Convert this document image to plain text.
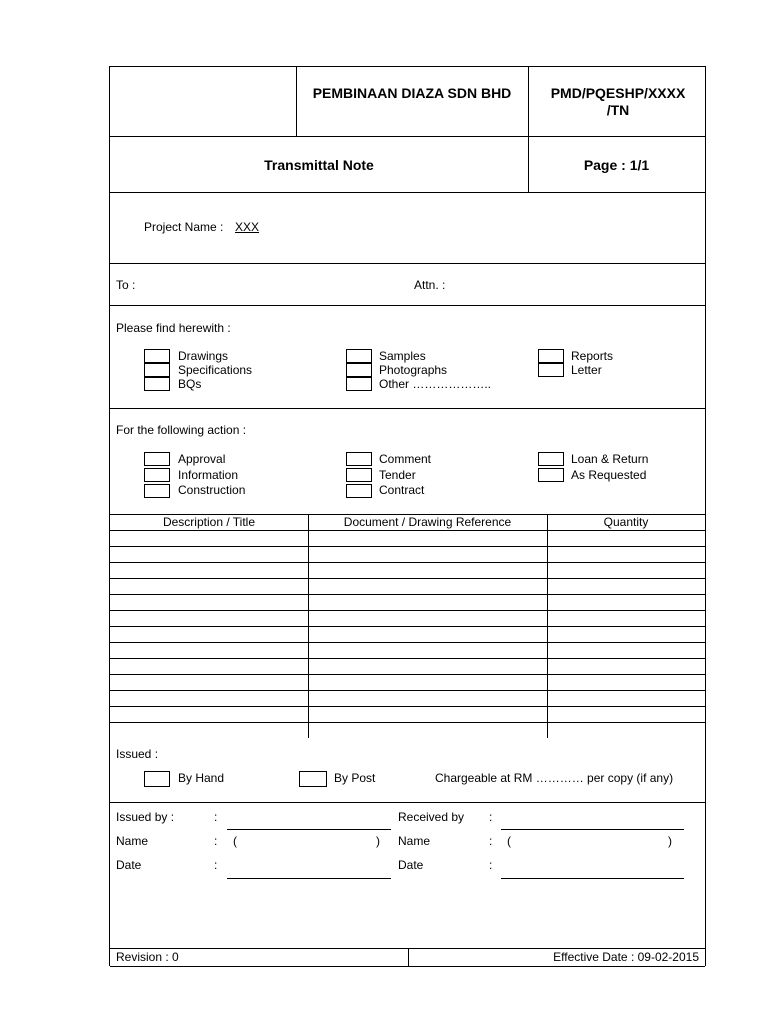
PEMBINAAN DIAZA SDN BHD	PMD/PQESHP/XXXX /TN
Transmittal Note	Page : 1/1
Project Name : XXX
To :	Attn. :
Please find herewith :
Drawings
Specifications
BQs
Samples
Photographs
Other ………………..
Reports
Letter
For the following action :
Approval
Information
Construction
Comment
Tender
Contract
Loan & Return
As Requested
Description / Title	Document / Drawing Reference	Quantity
Issued :
By Hand	By Post	Chargeable at RM ………… per copy (if any)
Issued by :	:
Name	: (	)
Date	:
Received by :
Name	: (	)
Date	:
Revision : 0	Effective Date : 09-02-2015
